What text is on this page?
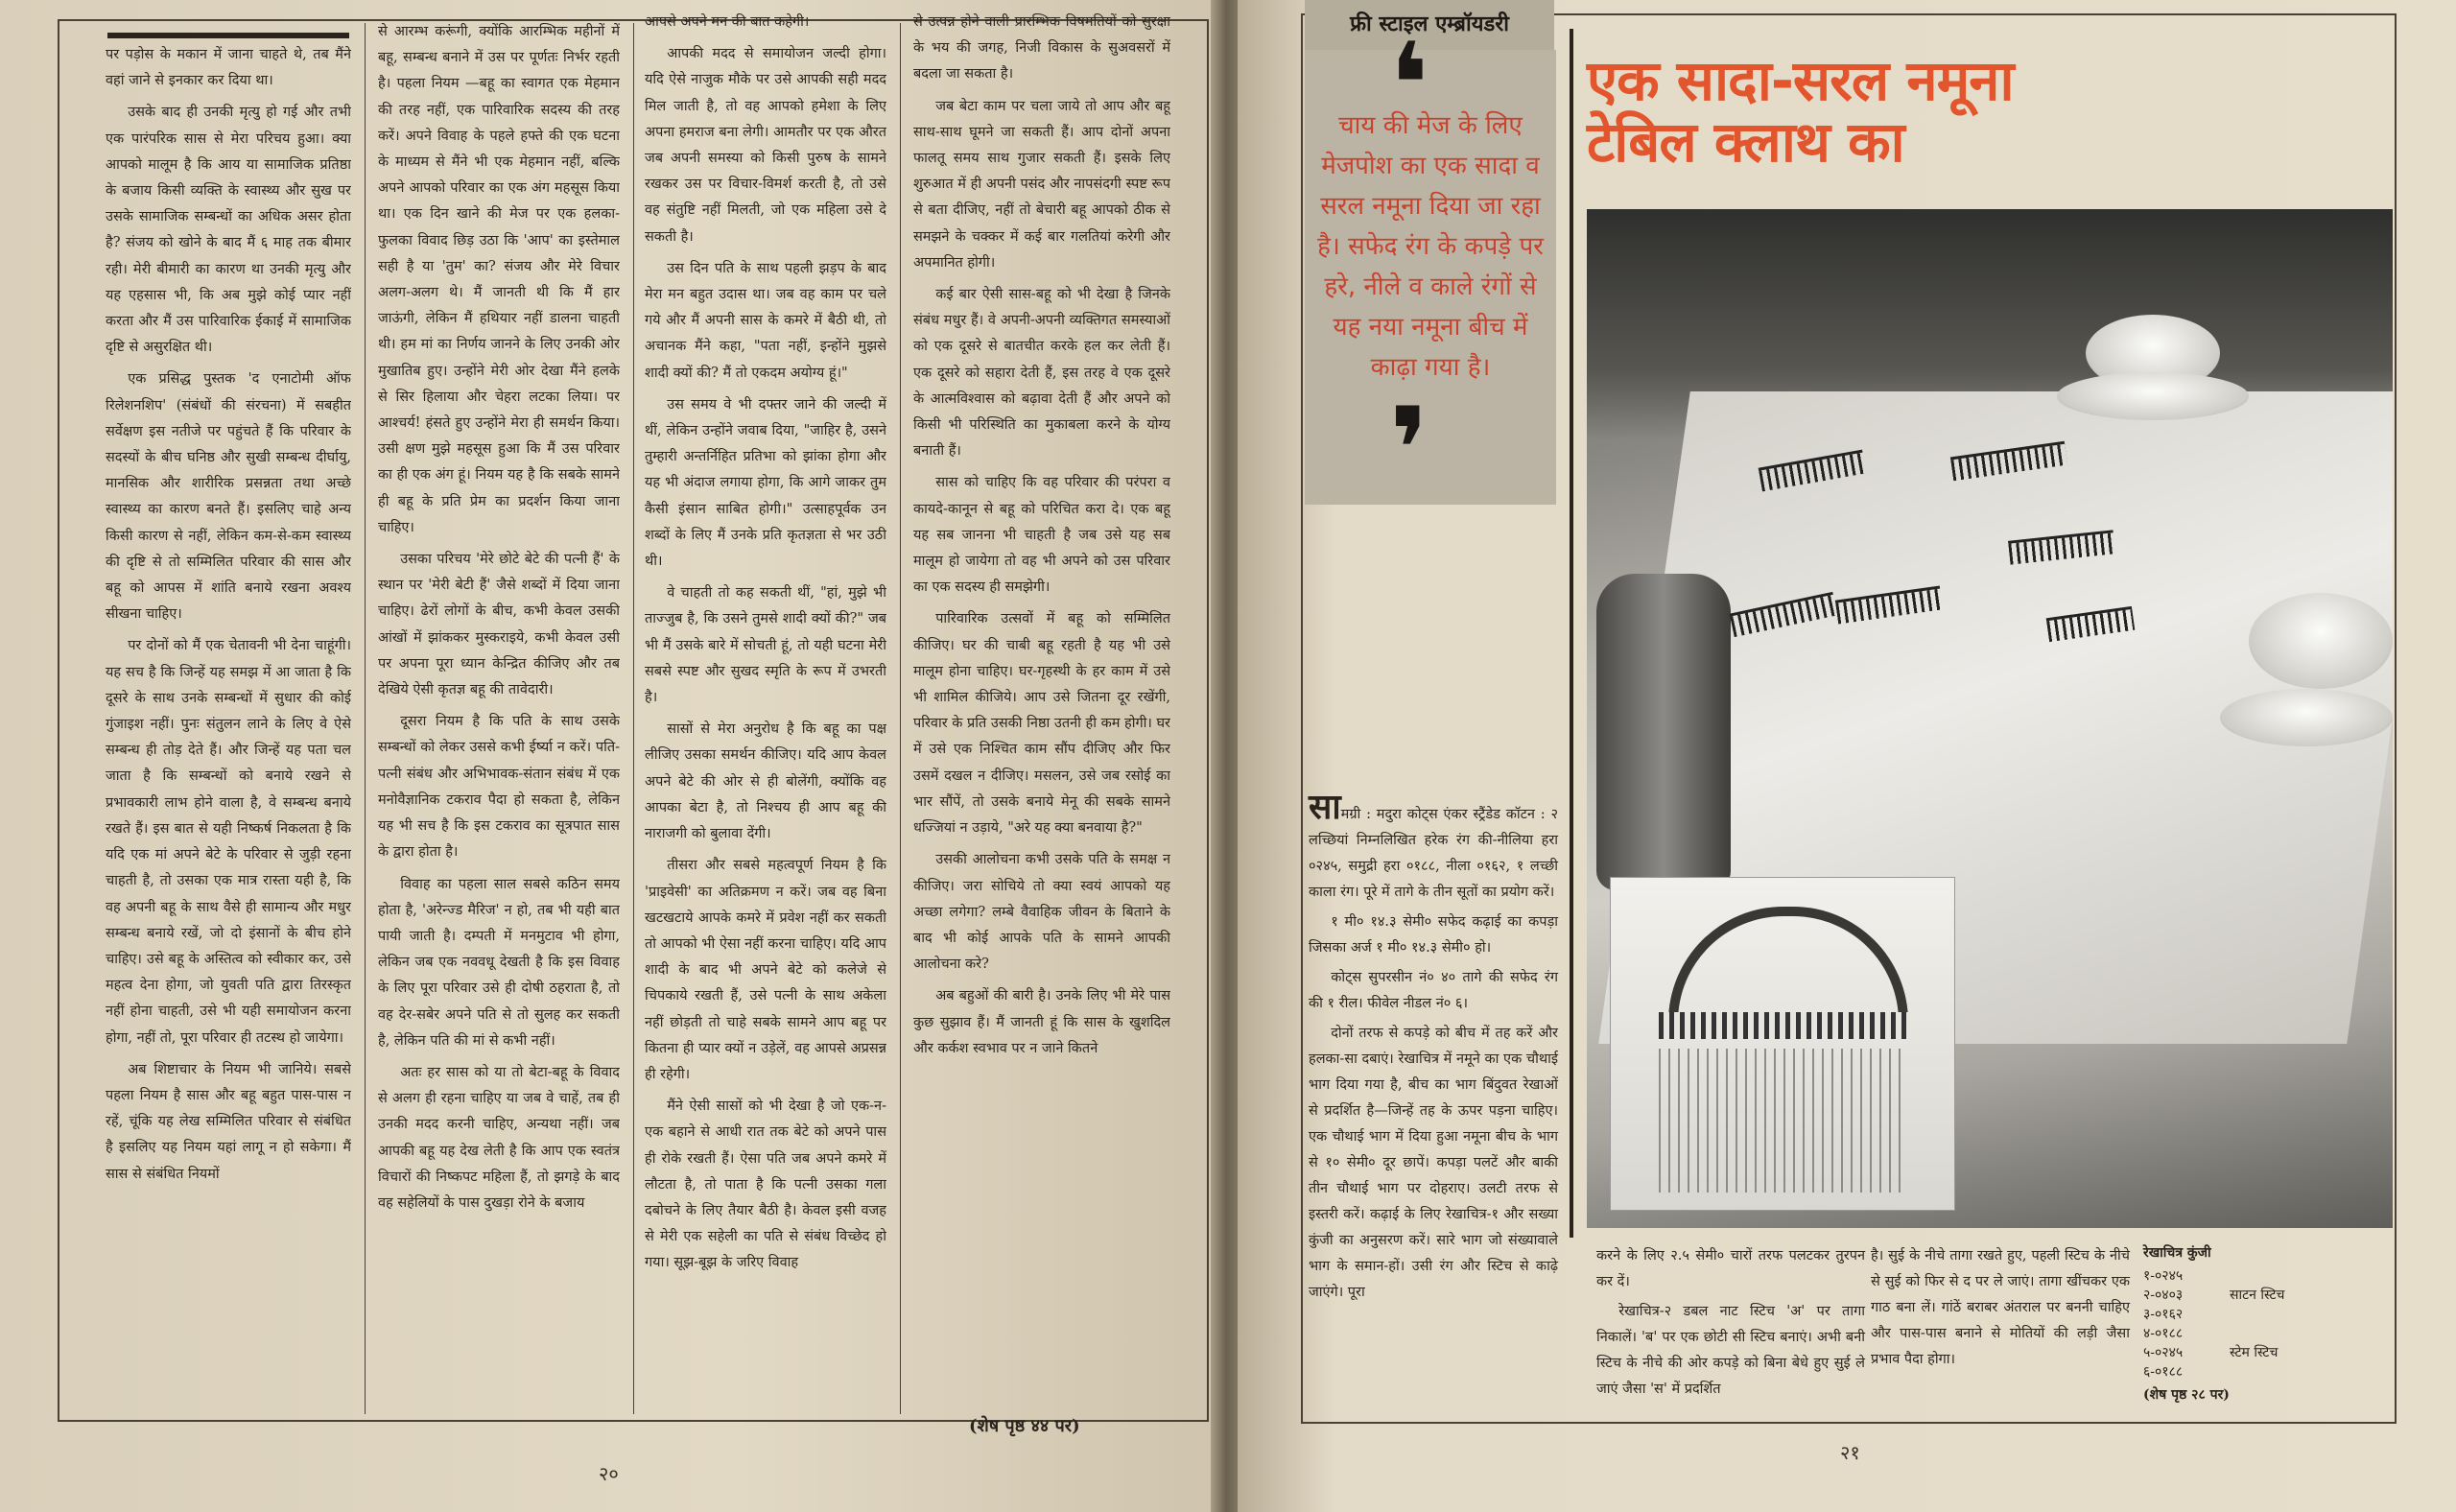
पर पड़ोस के मकान में जाना चाहते थे, तब मैंने वहां जाने से इनकार कर दिया था।

उसके बाद ही उनकी मृत्यु हो गई और तभी एक पारंपरिक सास से मेरा परिचय हुआ। क्या आपको मालूम है कि आय या सामाजिक प्रतिष्ठा के बजाय किसी व्यक्ति के स्वास्थ्य और सुख पर उसके सामाजिक सम्बन्धों का अधिक असर होता है? संजय को खोने के बाद मैं ६ माह तक बीमार रही। मेरी बीमारी का कारण था उनकी मृत्यु और यह एहसास भी, कि अब मुझे कोई प्यार नहीं करता और मैं उस पारिवारिक ईकाई में सामाजिक दृष्टि से असुरक्षित थी।

एक प्रसिद्ध पुस्तक 'द एनाटोमी ऑफ रिलेशनशिप' (संबंधों की संरचना) में सबहीत सर्वेक्षण इस नतीजे पर पहुंचते हैं कि परिवार के सदस्यों के बीच घनिष्ठ और सुखी सम्बन्ध दीर्घायु, मानसिक और शारीरिक प्रसन्नता तथा अच्छे स्वास्थ्य का कारण बनते हैं। इसलिए चाहे अन्य किसी कारण से नहीं, लेकिन कम-से-कम स्वास्थ्य की दृष्टि से तो सम्मिलित परिवार की सास और बहू को आपस में शांति बनाये रखना अवश्य सीखना चाहिए।

पर दोनों को मैं एक चेतावनी भी देना चाहूंगी। यह सच है कि जिन्हें यह समझ में आ जाता है कि दूसरे के साथ उनके सम्बन्धों में सुधार की कोई गुंजाइश नहीं। पुनः संतुलन लाने के लिए वे ऐसे सम्बन्ध ही तोड़ देते हैं। और जिन्हें यह पता चल जाता है कि सम्बन्धों को बनाये रखने से प्रभावकारी लाभ होने वाला है, वे सम्बन्ध बनाये रखते हैं। इस बात से यही निष्कर्ष निकलता है कि यदि एक मां अपने बेटे के परिवार से जुड़ी रहना चाहती है, तो उसका एक मात्र रास्ता यही है, कि वह अपनी बहू के साथ वैसे ही सामान्य और मधुर सम्बन्ध बनाये रखें, जो दो इंसानों के बीच होने चाहिए। उसे बहू के अस्तित्व को स्वीकार कर, उसे महत्व देना होगा, जो युवती पति द्वारा तिरस्कृत नहीं होना चाहती, उसे भी यही समायोजन करना होगा, नहीं तो, पूरा परिवार ही तटस्थ हो जायेगा।

अब शिष्टाचार के नियम भी जानिये। सबसे पहला नियम है सास और बहू बहुत पास-पास न रहें, चूंकि यह लेख सम्मिलित परिवार से संबंधित है इसलिए यह नियम यहां लागू न हो सकेगा। मैं सास से संबंधित नियमों

से आरम्भ करूंगी, क्योंकि आरम्भिक महीनों में बहू, सम्बन्ध बनाने में उस पर पूर्णतः निर्भर रहती है। पहला नियम —बहू का स्वागत एक मेहमान की तरह नहीं, एक पारिवारिक सदस्य की तरह करें। अपने विवाह के पहले हफ्ते की एक घटना के माध्यम से मैंने भी एक मेहमान नहीं, बल्कि अपने आपको परिवार का एक अंग महसूस किया था। एक दिन खाने की मेज पर एक हलका-फुलका विवाद छिड़ उठा कि 'आप' का इस्तेमाल सही है या 'तुम' का? संजय और मेरे विचार अलग-अलग थे। मैं जानती थी कि मैं हार जाऊंगी, लेकिन मैं हथियार नहीं डालना चाहती थी। हम मां का निर्णय जानने के लिए उनकी ओर मुखातिब हुए। उन्होंने मेरी ओर देखा मैंने हलके से सिर हिलाया और चेहरा लटका लिया। पर आश्चर्य! हंसते हुए उन्होंने मेरा ही समर्थन किया। उसी क्षण मुझे महसूस हुआ कि मैं उस परिवार का ही एक अंग हूं। नियम यह है कि सबके सामने ही बहू के प्रति प्रेम का प्रदर्शन किया जाना चाहिए।

उसका परिचय 'मेरे छोटे बेटे की पत्नी हैं' के स्थान पर 'मेरी बेटी हैं' जैसे शब्दों में दिया जाना चाहिए। ढेरों लोगों के बीच, कभी केवल उसकी आंखों में झांककर मुस्कराइये, कभी केवल उसी पर अपना पूरा ध्यान केन्द्रित कीजिए और तब देखिये ऐसी कृतज्ञ बहू की तावेदारी।

दूसरा नियम है कि पति के साथ उसके सम्बन्धों को लेकर उससे कभी ईर्ष्या न करें। पति-पत्नी संबंध और अभिभावक-संतान संबंध में एक मनोवैज्ञानिक टकराव पैदा हो सकता है, लेकिन यह भी सच है कि इस टकराव का सूत्रपात सास के द्वारा होता है।

विवाह का पहला साल सबसे कठिन समय होता है, 'अरेन्ज्ड मैरिज' न हो, तब भी यही बात पायी जाती है। दम्पती में मनमुटाव भी होगा, लेकिन जब एक नववधू देखती है कि इस विवाह के लिए पूरा परिवार उसे ही दोषी ठहराता है, तो वह देर-सबेर अपने पति से तो सुलह कर सकती है, लेकिन पति की मां से कभी नहीं।

अतः हर सास को या तो बेटा-बहू के विवाद से अलग ही रहना चाहिए या जब वे चाहें, तब ही उनकी मदद करनी चाहिए, अन्यथा नहीं। जब आपकी बहू यह देख लेती है कि आप एक स्वतंत्र विचारों की निष्कपट महिला हैं, तो झगड़े के बाद वह सहेलियों के पास दुखड़ा रोने के बजाय

आपसे अपने मन की बात कहेगी।

आपकी मदद से समायोजन जल्दी होगा। यदि ऐसे नाजुक मौके पर उसे आपकी सही मदद मिल जाती है, तो वह आपको हमेशा के लिए अपना हमराज बना लेगी। आमतौर पर एक औरत जब अपनी समस्या को किसी पुरुष के सामने रखकर उस पर विचार-विमर्श करती है, तो उसे वह संतुष्टि नहीं मिलती, जो एक महिला उसे दे सकती है।

उस दिन पति के साथ पहली झड़प के बाद मेरा मन बहुत उदास था। जब वह काम पर चले गये और मैं अपनी सास के कमरे में बैठी थी, तो अचानक मैंने कहा, "पता नहीं, इन्होंने मुझसे शादी क्यों की? मैं तो एकदम अयोग्य हूं।"

उस समय वे भी दफ्तर जाने की जल्दी में थीं, लेकिन उन्होंने जवाब दिया, "जाहिर है, उसने तुम्हारी अन्तर्निहित प्रतिभा को झांका होगा और यह भी अंदाज लगाया होगा, कि आगे जाकर तुम कैसी इंसान साबित होगी।" उत्साहपूर्वक उन शब्दों के लिए मैं उनके प्रति कृतज्ञता से भर उठी थी।

वे चाहती तो कह सकती थीं, "हां, मुझे भी ताज्जुब है, कि उसने तुमसे शादी क्यों की?" जब भी मैं उसके बारे में सोचती हूं, तो यही घटना मेरी सबसे स्पष्ट और सुखद स्मृति के रूप में उभरती है।

सासों से मेरा अनुरोध है कि बहू का पक्ष लीजिए उसका समर्थन कीजिए। यदि आप केवल अपने बेटे की ओर से ही बोलेंगी, क्योंकि वह आपका बेटा है, तो निश्चय ही आप बहू की नाराजगी को बुलावा देंगी।

तीसरा और सबसे महत्वपूर्ण नियम है कि 'प्राइवेसी' का अतिक्रमण न करें। जब वह बिना खटखटाये आपके कमरे में प्रवेश नहीं कर सकती तो आपको भी ऐसा नहीं करना चाहिए। यदि आप शादी के बाद भी अपने बेटे को कलेजे से चिपकाये रखती हैं, उसे पत्नी के साथ अकेला नहीं छोड़ती तो चाहे सबके सामने आप बहू पर कितना ही प्यार क्यों न उड़ेलें, वह आपसे अप्रसन्न ही रहेगी।

मैंने ऐसी सासों को भी देखा है जो एक-न-एक बहाने से आधी रात तक बेटे को अपने पास ही रोके रखती हैं। ऐसा पति जब अपने कमरे में लौटता है, तो पाता है कि पत्नी उसका गला दबोचने के लिए तैयार बैठी है। केवल इसी वजह से मेरी एक सहेली का पति से संबंध विच्छेद हो गया। सूझ-बूझ के जरिए विवाह

से उत्पन्न होने वाली प्रारम्भिक विषमतियों को सुरक्षा के भय की जगह, निजी विकास के सुअवसरों में बदला जा सकता है।

जब बेटा काम पर चला जाये तो आप और बहू साथ-साथ घूमने जा सकती हैं। आप दोनों अपना फालतू समय साथ गुजार सकती हैं। इसके लिए शुरुआत में ही अपनी पसंद और नापसंदगी स्पष्ट रूप से बता दीजिए, नहीं तो बेचारी बहू आपको ठीक से समझने के चक्कर में कई बार गलतियां करेगी और अपमानित होगी।

कई बार ऐसी सास-बहू को भी देखा है जिनके संबंध मधुर हैं। वे अपनी-अपनी व्यक्तिगत समस्याओं को एक दूसरे से बातचीत करके हल कर लेती हैं। एक दूसरे को सहारा देती हैं, इस तरह वे एक दूसरे के आत्मविश्वास को बढ़ावा देती हैं और अपने को किसी भी परिस्थिति का मुकाबला करने के योग्य बनाती हैं।

सास को चाहिए कि वह परिवार की परंपरा व कायदे-कानून से बहू को परिचित करा दे। एक बहू यह सब जानना भी चाहती है जब उसे यह सब मालूम हो जायेगा तो वह भी अपने को उस परिवार का एक सदस्य ही समझेगी।

पारिवारिक उत्सवों में बहू को सम्मिलित कीजिए। घर की चाबी बहू रहती है यह भी उसे मालूम होना चाहिए। घर-गृहस्थी के हर काम में उसे भी शामिल कीजिये। आप उसे जितना दूर रखेंगी, परिवार के प्रति उसकी निष्ठा उतनी ही कम होगी। घर में उसे एक निश्चित काम सौंप दीजिए और फिर उसमें दखल न दीजिए। मसलन, उसे जब रसोई का भार सौंपें, तो उसके बनाये मेनू की सबके सामने धज्जियां न उड़ाये, "अरे यह क्या बनवाया है?"

उसकी आलोचना कभी उसके पति के समक्ष न कीजिए। जरा सोचिये तो क्या स्वयं आपको यह अच्छा लगेगा? लम्बे वैवाहिक जीवन के बिताने के बाद भी कोई आपके पति के सामने आपकी आलोचना करे?

अब बहुओं की बारी है। उनके लिए भी मेरे पास कुछ सुझाव हैं। मैं जानती हूं कि सास के खुशदिल और कर्कश स्वभाव पर न जाने कितने

(शेष पृष्ठ ४४ पर)
२०
फ्री स्टाइल एम्ब्रॉयडरी
❛
चाय की मेज के लिए मेजपोश का एक सादा व सरल नमूना दिया जा रहा है। सफेद रंग के कपड़े पर हरे, नीले व काले रंगों से यह नया नमूना बीच में काढ़ा गया है।
❜
एक सादा-सरल नमूना
टेबिल क्लाथ का

सामग्री : मदुरा कोट्स एंकर स्ट्रैंडेड कॉटन : २ लच्छियां निम्नलिखित हरेक रंग की-नीलिया हरा ०२४५, समुद्री हरा ०१८८, नीला ०१६२, १ लच्छी काला रंग। पूरे में तागे के तीन सूतों का प्रयोग करें।

१ मी० १४.३ सेमी० सफेद कढ़ाई का कपड़ा जिसका अर्ज १ मी० १४.३ सेमी० हो।

कोट्स सुपरसीन नं० ४० तागे की सफेद रंग की १ रील। फीवेल नीडल नं० ६।

दोनों तरफ से कपड़े को बीच में तह करें और हलका-सा दबाएं। रेखाचित्र में नमूने का एक चौथाई भाग दिया गया है, बीच का भाग बिंदुवत रेखाओं से प्रदर्शित है—जिन्हें तह के ऊपर पड़ना चाहिए। एक चौथाई भाग में दिया हुआ नमूना बीच के भाग से १० सेमी० दूर छापें। कपड़ा पलटें और बाकी तीन चौथाई भाग पर दोहराए। उलटी तरफ से इस्तरी करें। कढ़ाई के लिए रेखाचित्र-१ और सख्या कुंजी का अनुसरण करें। सारे भाग जो संख्यावाले भाग के समान-हों। उसी रंग और स्टिच से काढ़े जाएंगे। पूरा

करने के लिए २.५ सेमी० चारों तरफ पलटकर तुरपन कर दें।

रेखाचित्र-२ डबल नाट स्टिच 'अ' पर तागा निकालें। 'ब' पर एक छोटी सी स्टिच बनाएं। अभी बनी स्टिच के नीचे की ओर कपड़े को बिना बेधे हुए सुई ले जाएं जैसा 'स' में प्रदर्शित

है। सुई के नीचे तागा रखते हुए, पहली स्टिच के नीचे से सुई को फिर से द पर ले जाएं। तागा खींचकर एक गाठ बना लें। गांठें बराबर अंतराल पर बननी चाहिए और पास-पास बनाने से मोतियों की लड़ी जैसा प्रभाव पैदा होगा।

रेखाचित्र कुंजी
१-०२४५
२-०४०३	साटन स्टिच
३-०१६२
४-०१८८
५-०२४५	स्टेम स्टिच
६-०१८८
(शेष पृष्ठ २८ पर)
२१
